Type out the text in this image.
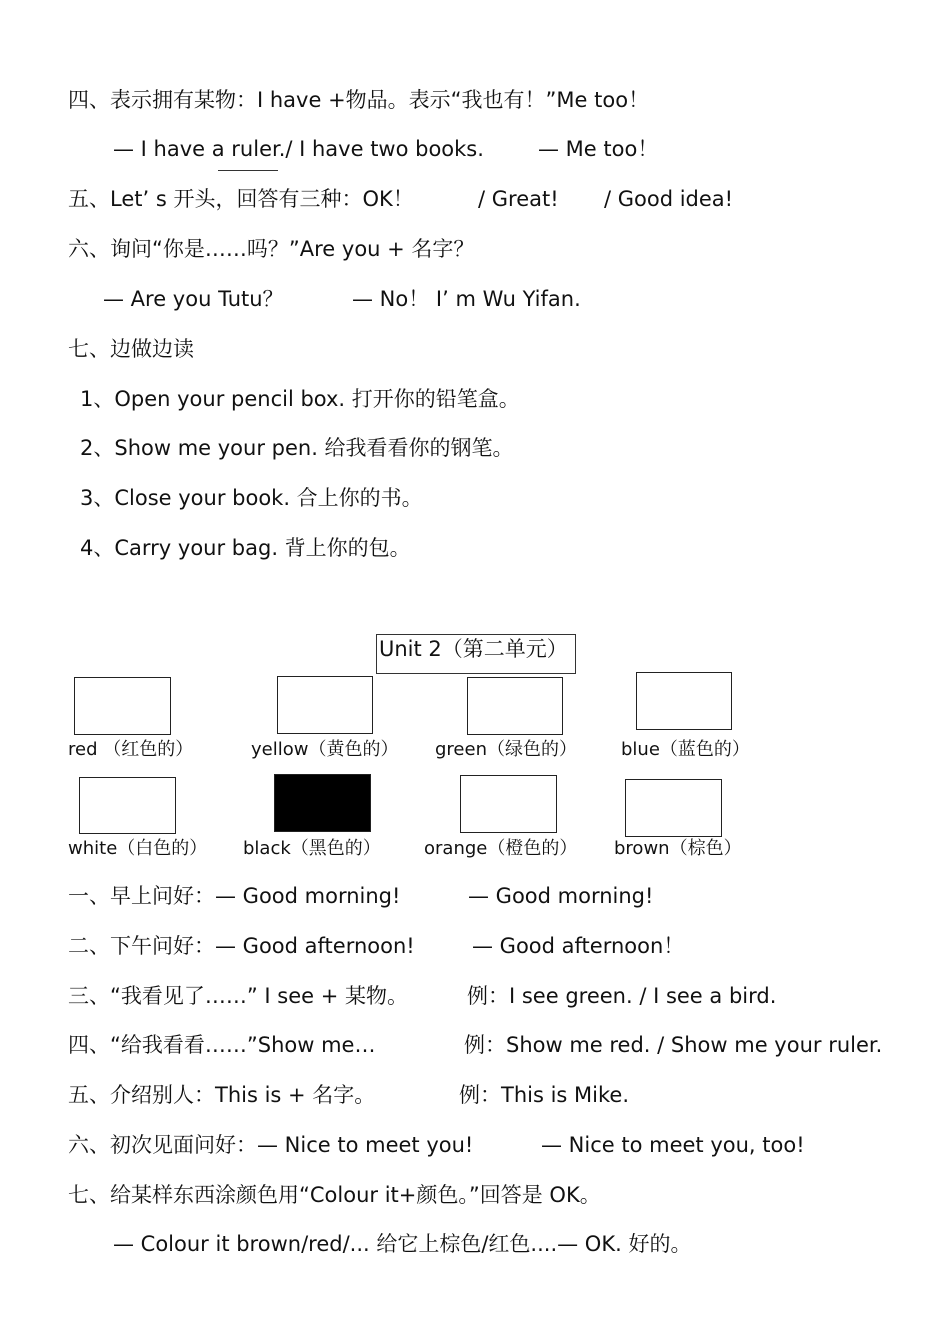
四、表示拥有某物：I have +物品。表示“我也有！”Me too！
— I have a ruler./ I have two books.	— Me too！
五、Let’ s 开头，回答有三种：OK！	/ Great! / Good idea!
六、询问“你是……吗？”Are you + 名字？
— Are you Tutu？	— No！ I’ m Wu Yifan.
七、边做边读
1、Open your pencil box. 打开你的铅笔盒。
2、Show me your pen. 给我看看你的钢笔。
3、Close your book. 合上你的书。
4、Carry your bag. 背上你的包。
Unit 2（第二单元）
red （红色的）	yellow（黄色的） green（绿色的） blue（蓝色的）
white（白色的） black（黑色的） orange（橙色的） brown（棕色）
一、早上问好：— Good morning!	— Good morning!
二、下午问好：— Good afternoon!	— Good afternoon！
三、“我看见了……” I see + 某物。	例：I see green. / I see a bird.
四、“给我看看……”Show me…	例：Show me red. / Show me your ruler.
五、介绍别人：This is + 名字。	例：This is Mike.
六、初次见面问好：— Nice to meet you!	— Nice to meet you, too!
七、给某样东西涂颜色用“Colour it+颜色。”回答是 OK。
— Colour it brown/red/... 给它上棕色/红色....— OK. 好的。
